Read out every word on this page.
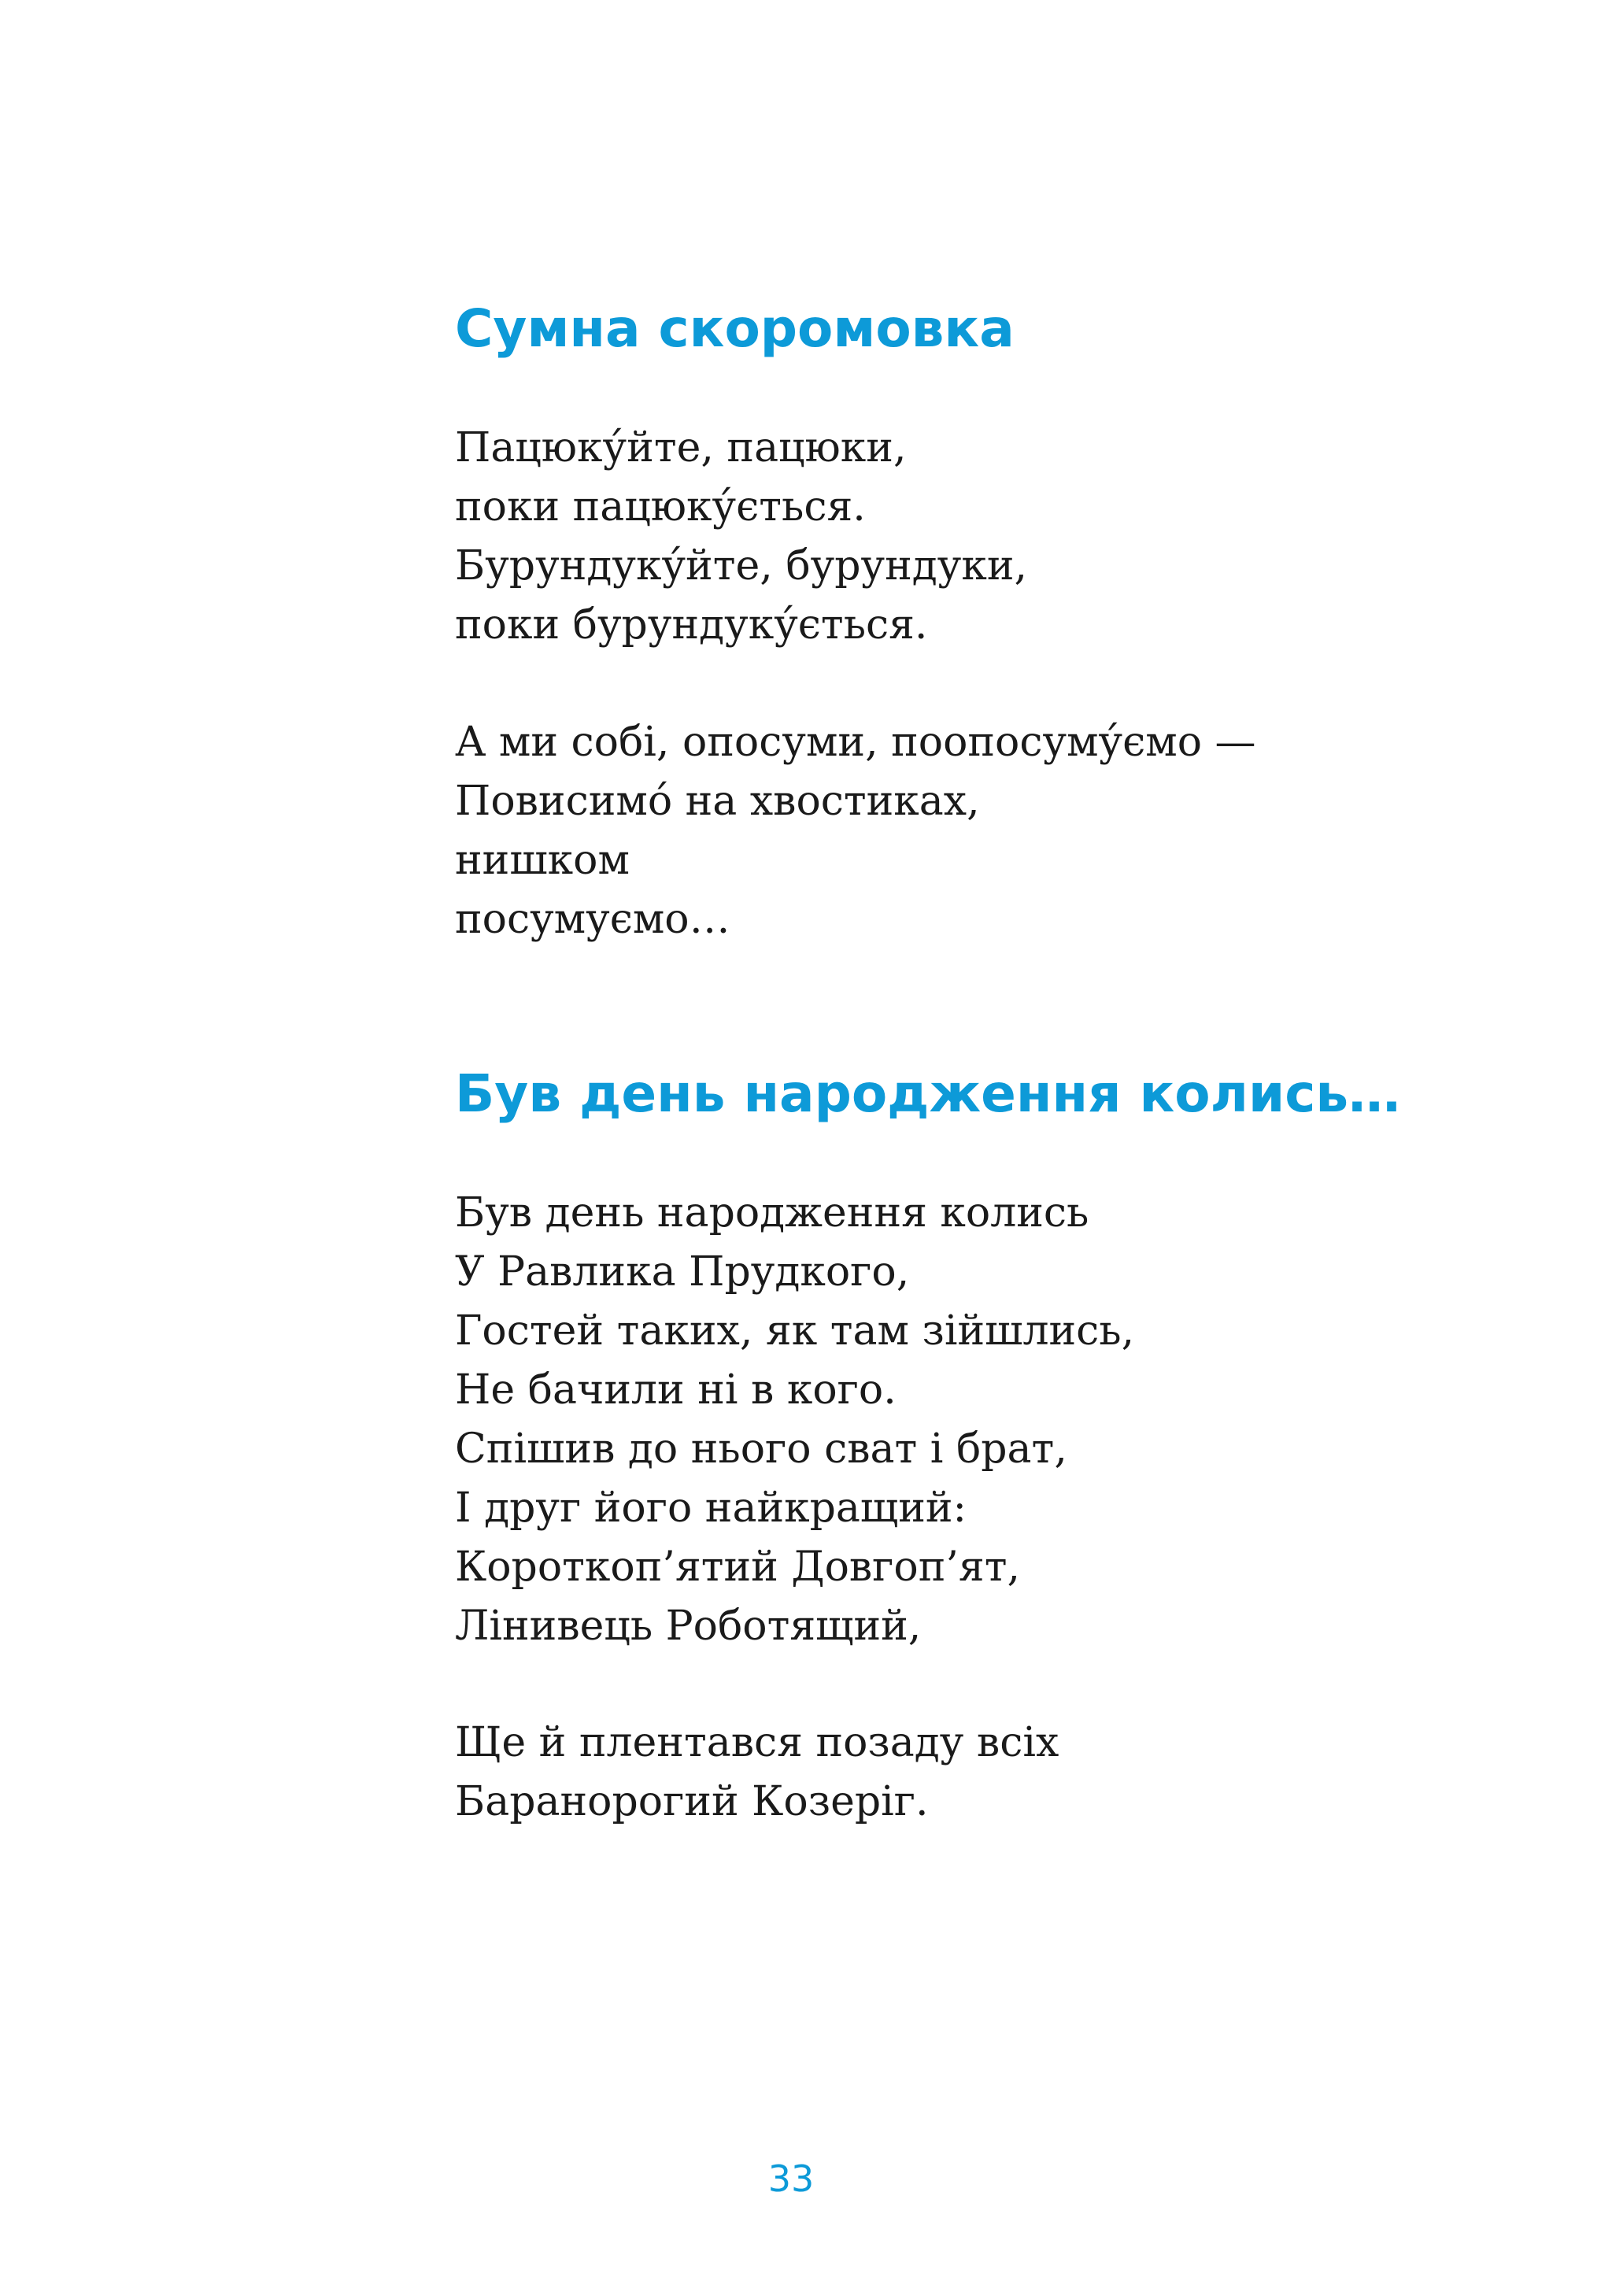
Сумна скоромовка
Пацюку́йте, пацюки,
поки пацюку́ється.
Бурундуку́йте, бурундуки,
поки бурундуку́ється.
А ми собі, опосуми, поопосуму́ємо —
Повисимо́ на хвостиках,
нишком
посумуємо…
Був день народження колись…
Був день народження колись
У Равлика Прудкого,
Гостей таких, як там зійшлись,
Не бачили ні в кого.
Спішив до нього сват і брат,
І друг його найкращий:
Короткоп’ятий Довгоп’ят,
Лінивець Роботящий,
Ще й плентався позаду всіх
Баранорогий Козеріг.
33
